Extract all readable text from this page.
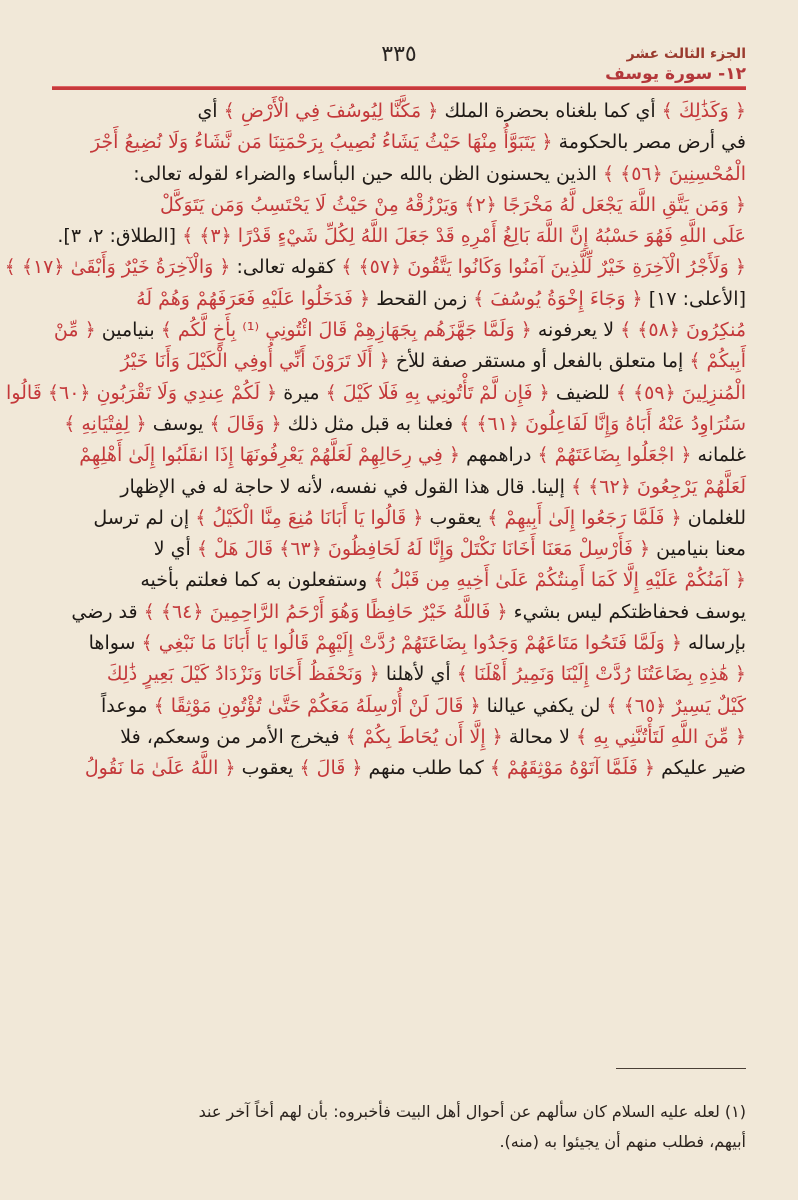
الجزء الثالث عشر
١٢- سورة يوسف
٣٣٥
﴿ وَكَذَٰلِكَ ﴾ أي كما بلغناه بحضرة الملك ﴿ مَكَّنَّا لِيُوسُفَ فِي الْأَرْضِ ﴾ أي
في أرض مصر بالحكومة ﴿ يَتَبَوَّأُ مِنْهَا حَيْثُ يَشَاءُ نُصِيبُ بِرَحْمَتِنَا مَن نَّشَاءُ وَلَا نُضِيعُ أَجْرَ
الْمُحْسِنِينَ ﴿٥٦﴾ ﴾ الذين يحسنون الظن بالله حين البأساء والضراء لقوله تعالى:
﴿ وَمَن يَتَّقِ اللَّهَ يَجْعَل لَّهُ مَخْرَجًا ﴿٢﴾ وَيَرْزُقْهُ مِنْ حَيْثُ لَا يَحْتَسِبُ وَمَن يَتَوَكَّلْ
عَلَى اللَّهِ فَهُوَ حَسْبُهُ إِنَّ اللَّهَ بَالِغُ أَمْرِهِ قَدْ جَعَلَ اللَّهُ لِكُلِّ شَيْءٍ قَدْرًا ﴿٣﴾ ﴾ [الطلاق: ٢، ٣].
﴿ وَلَأَجْرُ الْآخِرَةِ خَيْرٌ لِّلَّذِينَ آمَنُوا وَكَانُوا يَتَّقُونَ ﴿٥٧﴾ ﴾ كقوله تعالى: ﴿ وَالْآخِرَةُ خَيْرٌ وَأَبْقَىٰ ﴿١٧﴾ ﴾
[الأعلى: ١٧] ﴿ وَجَاءَ إِخْوَةُ يُوسُفَ ﴾ زمن القحط ﴿ فَدَخَلُوا عَلَيْهِ فَعَرَفَهُمْ وَهُمْ لَهُ
مُنكِرُونَ ﴿٥٨﴾ ﴾ لا يعرفونه ﴿ وَلَمَّا جَهَّزَهُم بِجَهَازِهِمْ قَالَ ائْتُونِي ⁽¹⁾ بِأَخٍ لَّكُم ﴾ بنيامين ﴿ مِّنْ
أَبِيكُمْ ﴾ إما متعلق بالفعل أو مستقر صفة للأخ ﴿ أَلَا تَرَوْنَ أَنِّي أُوفِي الْكَيْلَ وَأَنَا خَيْرُ
الْمُنزِلِينَ ﴿٥٩﴾ ﴾ للضيف ﴿ فَإِن لَّمْ تَأْتُونِي بِهِ فَلَا كَيْلَ ﴾ ميرة ﴿ لَكُمْ عِندِي وَلَا تَقْرَبُونِ ﴿٦٠﴾ قَالُوا
سَنُرَاوِدُ عَنْهُ أَبَاهُ وَإِنَّا لَفَاعِلُونَ ﴿٦١﴾ ﴾ فعلنا به قبل مثل ذلك ﴿ وَقَالَ ﴾ يوسف ﴿ لِفِتْيَانِهِ ﴾
غلمانه ﴿ اجْعَلُوا بِضَاعَتَهُمْ ﴾ دراهمهم ﴿ فِي رِحَالِهِمْ لَعَلَّهُمْ يَعْرِفُونَهَا إِذَا انقَلَبُوا إِلَىٰ أَهْلِهِمْ
لَعَلَّهُمْ يَرْجِعُونَ ﴿٦٢﴾ ﴾ إلينا. قال هذا القول في نفسه، لأنه لا حاجة له في الإظهار
للغلمان ﴿ فَلَمَّا رَجَعُوا إِلَىٰ أَبِيهِمْ ﴾ يعقوب ﴿ قَالُوا يَا أَبَانَا مُنِعَ مِنَّا الْكَيْلُ ﴾ إن لم ترسل
معنا بنيامين ﴿ فَأَرْسِلْ مَعَنَا أَخَانَا نَكْتَلْ وَإِنَّا لَهُ لَحَافِظُونَ ﴿٦٣﴾ قَالَ هَلْ ﴾ أي لا
﴿ آمَنُكُمْ عَلَيْهِ إِلَّا كَمَا أَمِنتُكُمْ عَلَىٰ أَخِيهِ مِن قَبْلُ ﴾ وستفعلون به كما فعلتم بأخيه
يوسف فحفاظتكم ليس بشيء ﴿ فَاللَّهُ خَيْرٌ حَافِظًا وَهُوَ أَرْحَمُ الرَّاحِمِينَ ﴿٦٤﴾ ﴾ قد رضي
بإرساله ﴿ وَلَمَّا فَتَحُوا مَتَاعَهُمْ وَجَدُوا بِضَاعَتَهُمْ رُدَّتْ إِلَيْهِمْ قَالُوا يَا أَبَانَا مَا نَبْغِي ﴾ سواها
﴿ هَٰذِهِ بِضَاعَتُنَا رُدَّتْ إِلَيْنَا وَنَمِيرُ أَهْلَنَا ﴾ أي لأهلنا ﴿ وَنَحْفَظُ أَخَانَا وَنَزْدَادُ كَيْلَ بَعِيرٍ ذَٰلِكَ
كَيْلٌ يَسِيرٌ ﴿٦٥﴾ ﴾ لن يكفي عيالنا ﴿ قَالَ لَنْ أُرْسِلَهُ مَعَكُمْ حَتَّىٰ تُؤْتُونِ مَوْثِقًا ﴾ موعداً
﴿ مِّنَ اللَّهِ لَتَأْتُنَّنِي بِهِ ﴾ لا محالة ﴿ إِلَّا أَن يُحَاطَ بِكُمْ ﴾ فيخرج الأمر من وسعكم، فلا
ضير عليكم ﴿ فَلَمَّا آتَوْهُ مَوْثِقَهُمْ ﴾ كما طلب منهم ﴿ قَالَ ﴾ يعقوب ﴿ اللَّهُ عَلَىٰ مَا نَقُولُ
(١) لعله عليه السلام كان سألهم عن أحوال أهل البيت فأخبروه: بأن لهم أخاً آخر عند
أبيهم، فطلب منهم أن يجيئوا به (منه).
